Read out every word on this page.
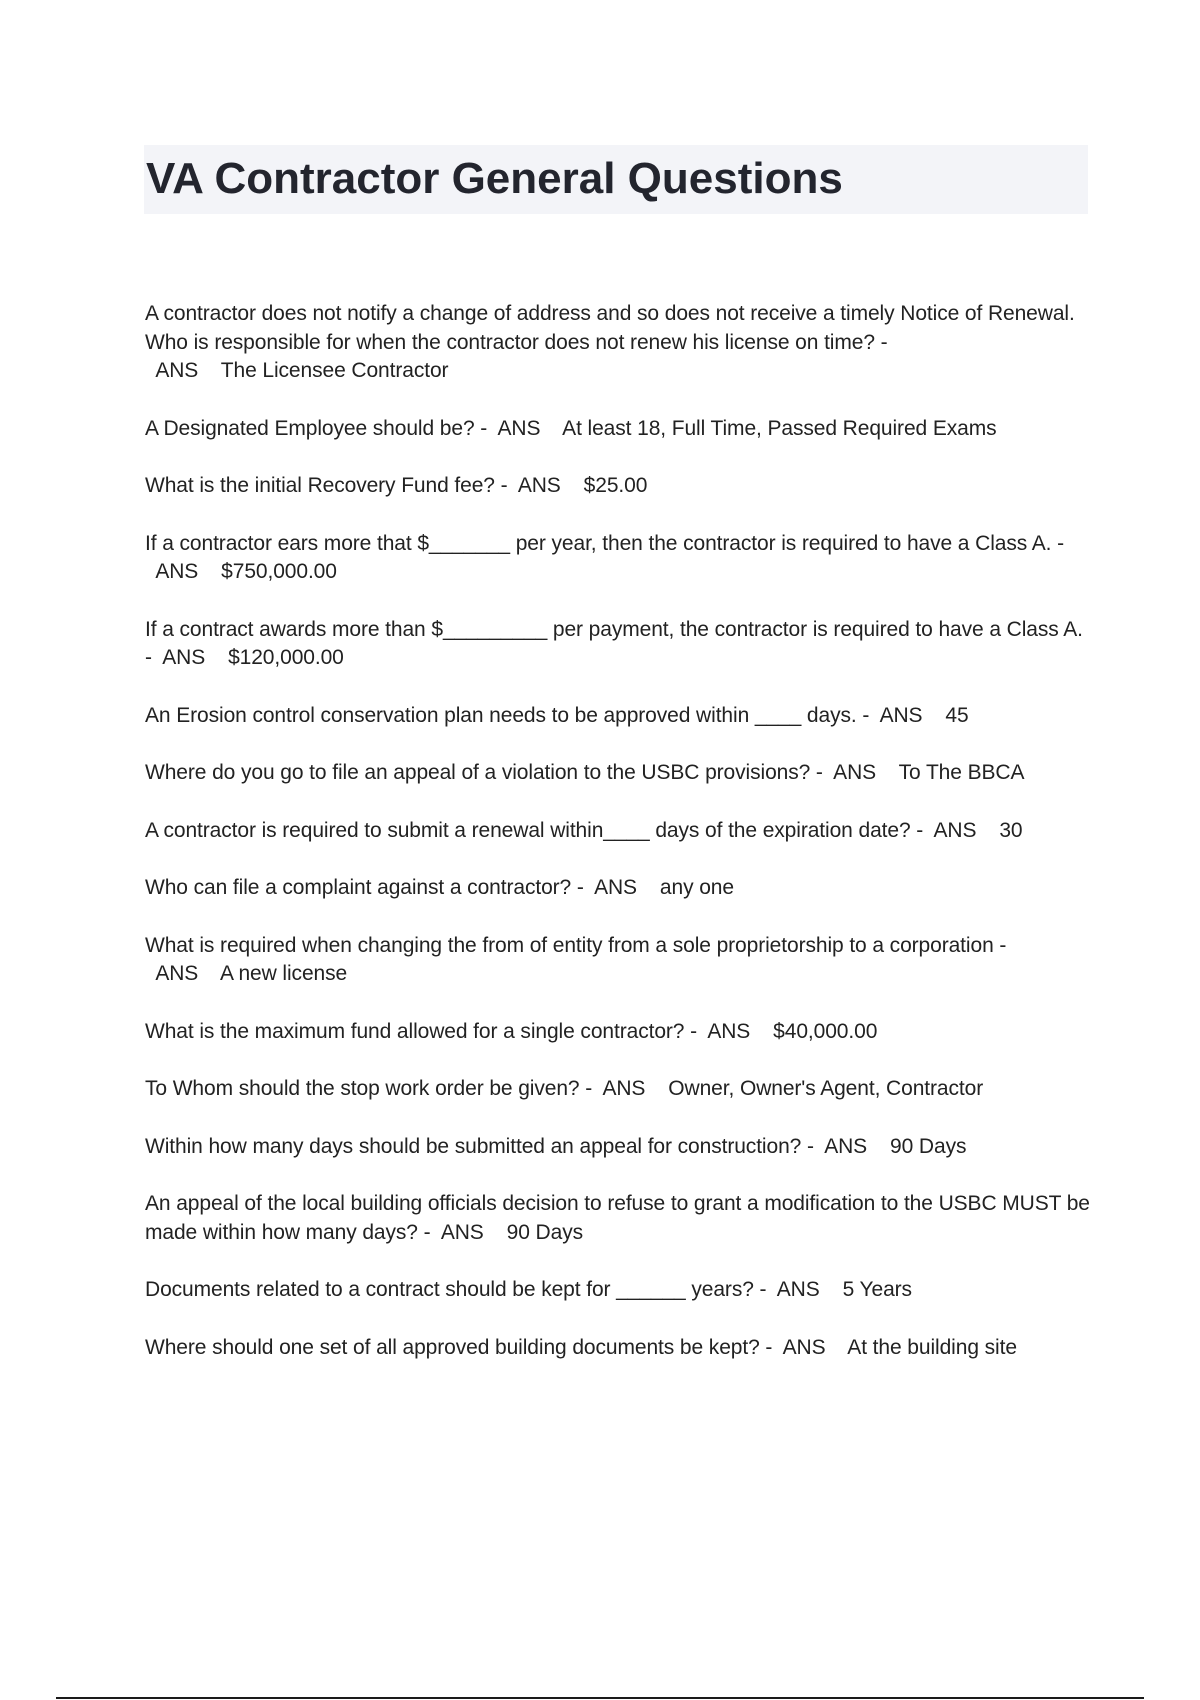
VA Contractor General Questions
A contractor does not notify a change of address and so does not receive a timely Notice of Renewal. Who is responsible for when the contractor does not renew his license on time? -  ANS The Licensee Contractor
A Designated Employee should be? - ANS At least 18, Full Time, Passed Required Exams
What is the initial Recovery Fund fee? - ANS $25.00
If a contractor ears more that $_______ per year, then the contractor is required to have a Class A. -  ANS $750,000.00
If a contract awards more than $_________ per payment, the contractor is required to have a Class A. - ANS $120,000.00
An Erosion control conservation plan needs to be approved within ____ days. - ANS 45
Where do you go to file an appeal of a violation to the USBC provisions? - ANS To The BBCA
A contractor is required to submit a renewal within____ days of the expiration date? - ANS 30
Who can file a complaint against a contractor? - ANS any one
What is required when changing the from of entity from a sole proprietorship to a corporation -  ANS A new license
What is the maximum fund allowed for a single contractor? - ANS $40,000.00
To Whom should the stop work order be given? - ANS Owner, Owner's Agent, Contractor
Within how many days should be submitted an appeal for construction? - ANS 90 Days
An appeal of the local building officials decision to refuse to grant a modification to the USBC MUST be made within how many days? - ANS 90 Days
Documents related to a contract should be kept for ______ years? - ANS 5 Years
Where should one set of all approved building documents be kept? - ANS At the building site
